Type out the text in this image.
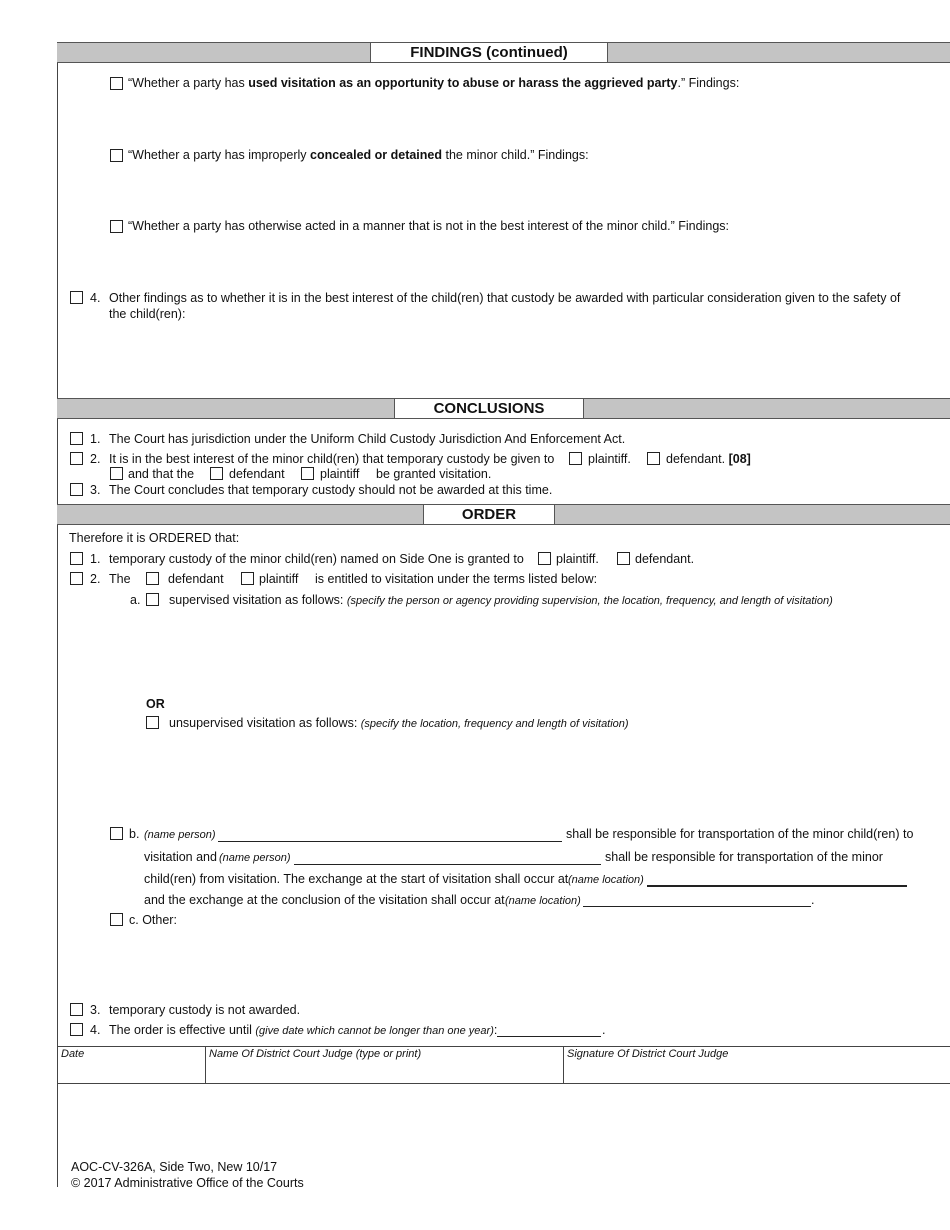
FINDINGS (continued)
“Whether a party has used visitation as an opportunity to abuse or harass the aggrieved party.” Findings:
“Whether a party has improperly concealed or detained the minor child.” Findings:
“Whether a party has otherwise acted in a manner that is not in the best interest of the minor child.” Findings:
4. Other findings as to whether it is in the best interest of the child(ren) that custody be awarded with particular consideration given to the safety of
the child(ren):
CONCLUSIONS
1. The Court has jurisdiction under the Uniform Child Custody Jurisdiction And Enforcement Act.
2. It is in the best interest of the minor child(ren) that temporary custody be given to	plaintiff.	defendant. [08]
and that the	defendant	plaintiff be granted visitation.
3. The Court concludes that temporary custody should not be awarded at this time.
ORDER
Therefore it is ORDERED that:
1. temporary custody of the minor child(ren) named on Side One is granted to	plaintiff.	defendant.
2. The	defendant	plaintiff is entitled to visitation under the terms listed below:
a. supervised visitation as follows: (specify the person or agency providing supervision, the location, frequency, and length of visitation)
OR
unsupervised visitation as follows: (specify the location, frequency and length of visitation)
b. (name person)	shall be responsible for transportation of the minor child(ren) to
visitation and (name person)	shall be responsible for transportation of the minor
child(ren) from visitation. The exchange at the start of visitation shall occur at (name location)
and the exchange at the conclusion of the visitation shall occur at (name location)	.
c. Other:
3. temporary custody is not awarded.
4. The order is effective until (give date which cannot be longer than one year):	.
Date	Name Of District Court Judge (type or print)	Signature Of District Court Judge
AOC-CV-326A, Side Two, New 10/17
© 2017 Administrative Office of the Courts
